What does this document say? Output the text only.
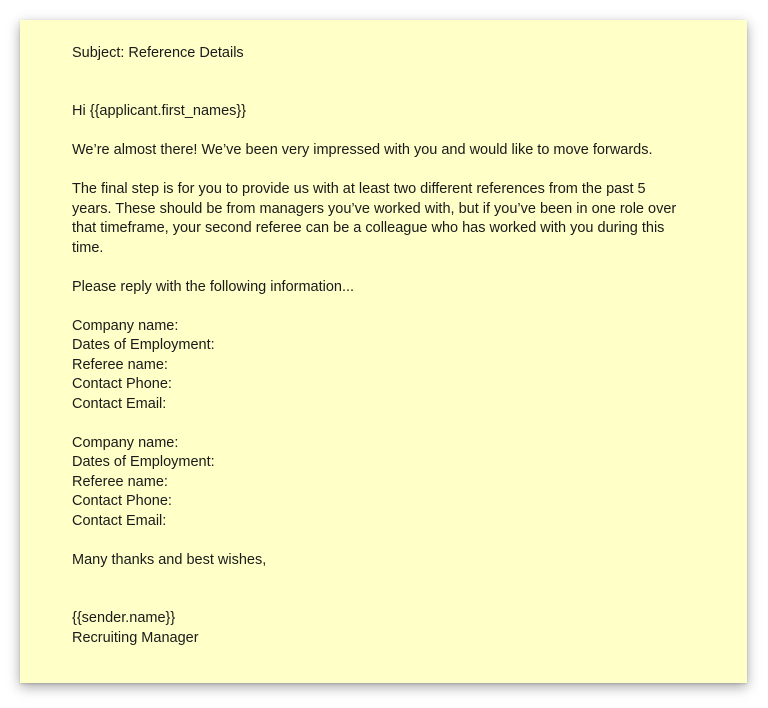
Subject: Reference Details
Hi {{applicant.first_names}}
We’re almost there! We’ve been very impressed with you and would like to move forwards.
The final step is for you to provide us with at least two different references from the past 5
years. These should be from managers you’ve worked with, but if you’ve been in one role over
that timeframe, your second referee can be a colleague who has worked with you during this
time.
Please reply with the following information...
Company name:
Dates of Employment:
Referee name:
Contact Phone:
Contact Email:
Company name:
Dates of Employment:
Referee name:
Contact Phone:
Contact Email:
Many thanks and best wishes,
{{sender.name}}
Recruiting Manager
